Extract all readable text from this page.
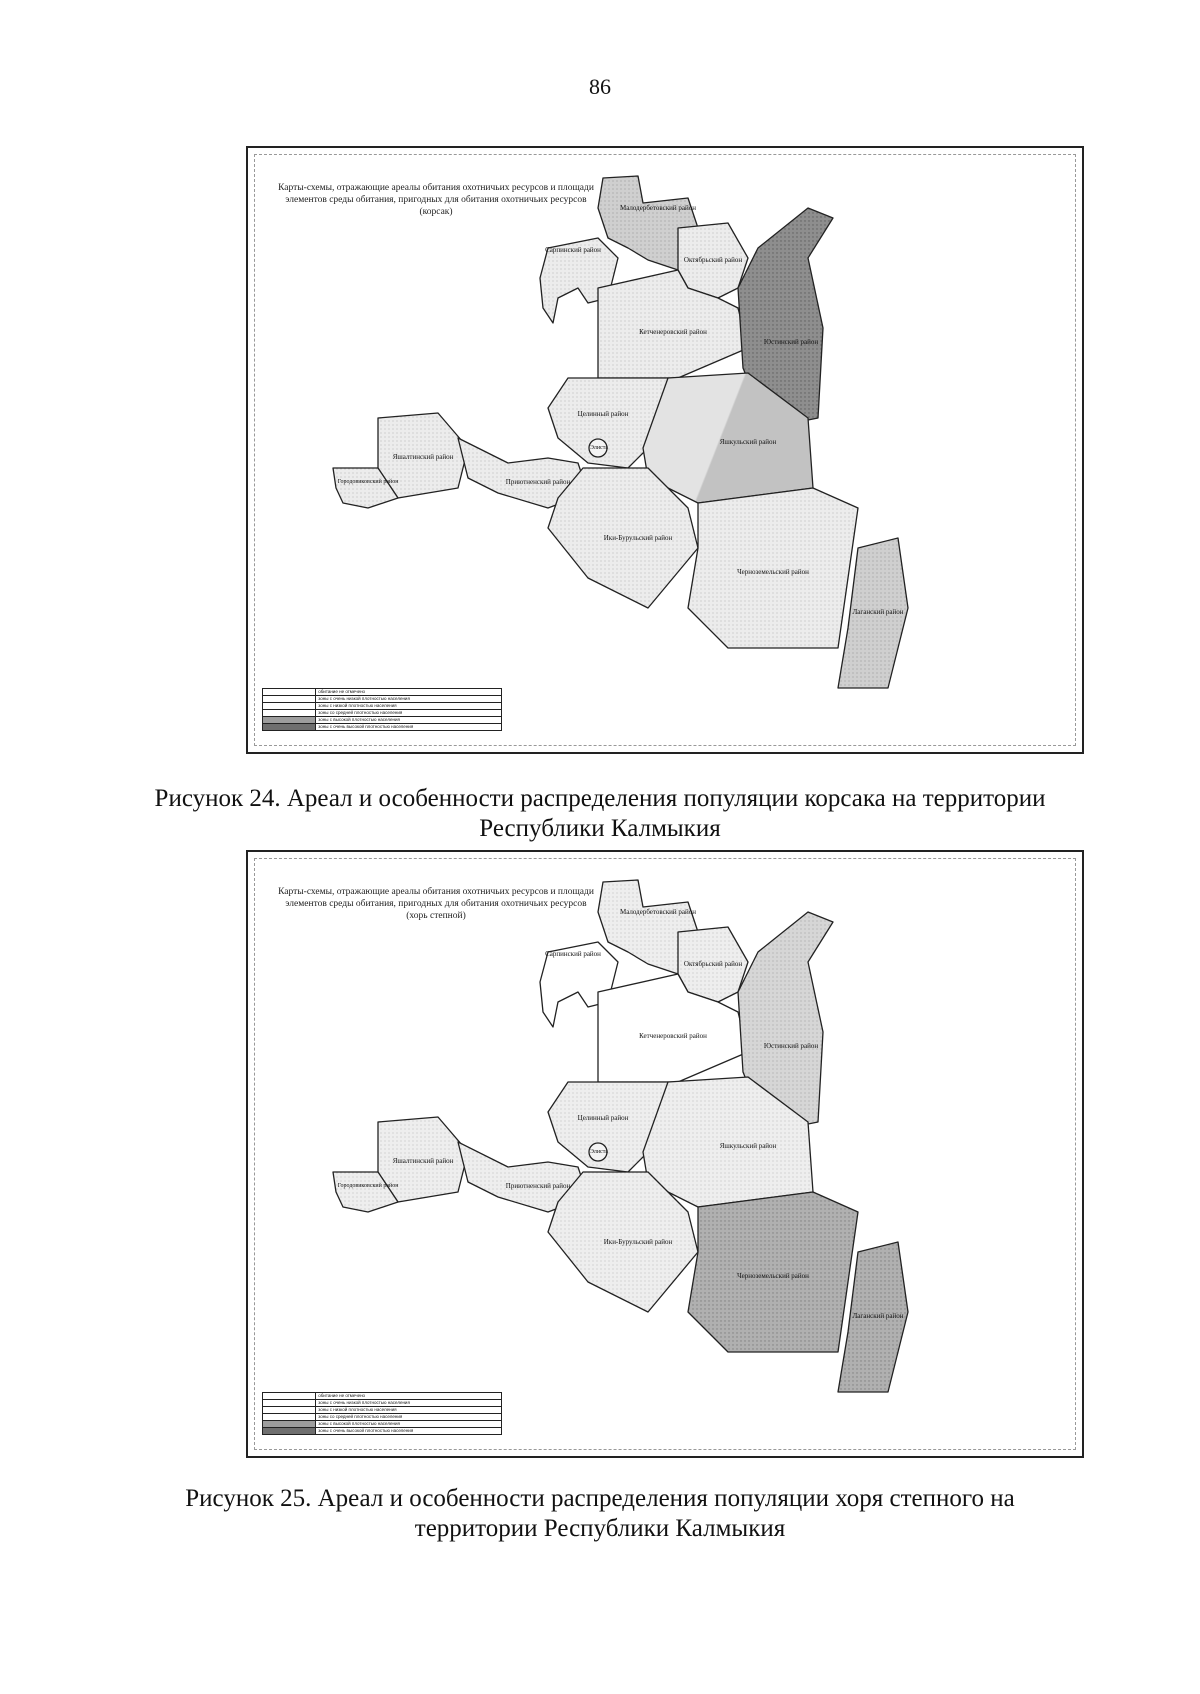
86
Карты-схемы, отражающие ареалы обитания охотничьих ресурсов и площади элементов среды обитания, пригодных для обитания охотничьих ресурсов (корсак)	Малодербетовский район
Сарпинский район
Октябрьский район
Кетченеровский район
Юстинский район
Целинный район
Элиста
Яшкульский район
Яшалтинский район
Городовиковский район	Приютненский район
Ики-Бурульский район
Черноземельский район
Лаганский район
	обитание не отмечено
	зоны с очень низкой плотностью населения
	зоны с низкой плотностью населения
	зоны со средней плотностью населения
	зоны с высокой плотностью населения
	зоны с очень высокой плотностью населения
Рисунок 24. Ареал и особенности распределения популяции корсака на территории Республики Калмыкия
Карты-схемы, отражающие ареалы обитания охотничьих ресурсов и площади элементов среды обитания, пригодных для обитания охотничьих ресурсов (хорь степной)	Малодербетовский район
Сарпинский район
Октябрьский район
Кетченеровский район
Юстинский район
Целинный район
Элиста
Яшкульский район
Яшалтинский район
Городовиковский район	Приютненский район
Ики-Бурульский район
Черноземельский район
Лаганский район
	обитание не отмечено
	зоны с очень низкой плотностью населения
	зоны с низкой плотностью населения
	зоны со средней плотностью населения
	зоны с высокой плотностью населения
	зоны с очень высокой плотностью населения
Рисунок 25. Ареал и особенности распределения популяции хоря степного на территории Республики Калмыкия
